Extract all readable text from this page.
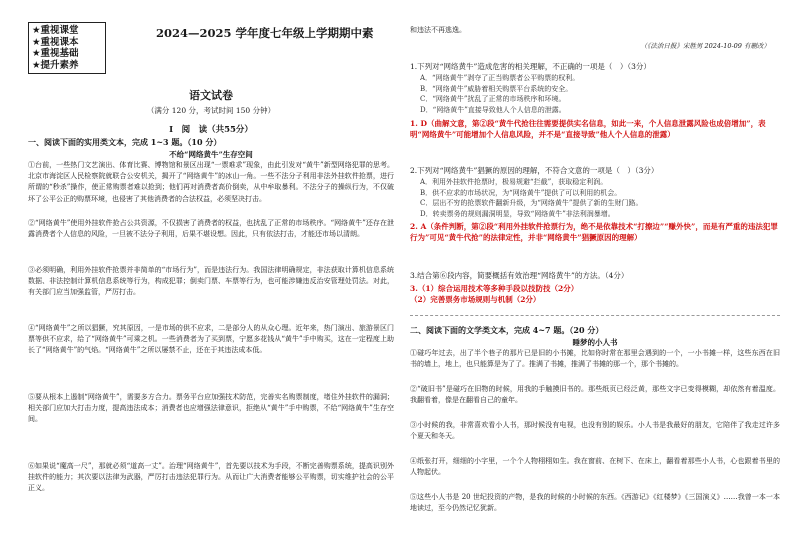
★重视课堂
★重视课本
★重视基础
★提升素养
2024—2025 学年度七年级上学期期中素
语文试卷
（满分 120 分，考试时间 150 分钟）
I　阅　读（共55分）
一、阅读下面的实用类文本，完成 1~3 题。（10 分）
不给“网络黄牛”生存空间

①台前，一些热门文艺演出、体育比赛、博物馆和景区出现“一票难求”现象，由此引发对“黄牛”新型网络犯罪的思考。北京市海淀区人民检察院就联合公安机关，揭开了“网络黄牛”的冰山一角。一些不法分子利用非法外挂软件抢票，进行所谓的“秒杀”操作，使正常购票者难以抢到；他们再对消费者高价倒卖，从中牟取暴利。不法分子的操纵行为，不仅破坏了公平公正的购票环境，也侵害了其他消费者的合法权益，必须坚决打击。

②“网络黄牛”使用外挂软件抢占公共资源，不仅损害了消费者的权益，也扰乱了正常的市场秩序。“网络黄牛”还存在泄露消费者个人信息的风险，一旦被不法分子利用，后果不堪设想。因此，只有依法打击，才能还市场以清朗。

③必须明确，利用外挂软件抢票并非简单的“市场行为”，而是违法行为。我国法律明确规定，非法获取计算机信息系统数据、非法控制计算机信息系统等行为，构成犯罪；倒卖门票、车票等行为，也可能涉嫌违反治安管理处罚法。对此，有关部门应当加强监管，严厉打击。

④“网络黄牛”之所以猖獗，究其原因，一是市场的供不应求，二是部分人的从众心理。近年来，热门演出、旅游景区门票等供不应求，给了“网络黄牛”可乘之机。一些消费者为了买到票，宁愿多花钱从“黄牛”手中购买，这在一定程度上助长了“网络黄牛”的气焰。“网络黄牛”之所以屡禁不止，还在于其违法成本低。

⑤要从根本上遏制“网络黄牛”，需要多方合力。票务平台应加强技术防范，完善实名购票制度，堵住外挂软件的漏洞；相关部门应加大打击力度，提高违法成本；消费者也应增强法律意识，拒绝从“黄牛”手中购票，不给“网络黄牛”生存空间。

⑥如果说“魔高一尺”，那就必须“道高一丈”。治理“网络黄牛”，首先要以技术为手段，不断完善购票系统，提高识别外挂软件的能力；其次要以法律为武器，严厉打击违法犯罪行为。从而让广大消费者能够公平购票，切实维护社会的公平正义。

和违法不再逃逸。
（《法治日报》宋胜男 2024-10-09 有删改）
1.下列对“网络黄牛”造成危害的相关理解，不正确的一项是（　）（3分）
A．“网络黄牛”剥夺了正当购票者公平购票的权利。
B．“网络黄牛”威胁着相关购票平台系统的安全。
C．“网络黄牛”扰乱了正常的市场秩序和环境。
D．“网络黄牛”直接导致他人个人信息的泄露。
1. D（曲解文意，第②段“黄牛代抢往往需要提供实名信息，如此一来，个人信息泄露风险也成倍增加”，表明“网络黄牛”可能增加个人信息风险，并不是“直接导致”他人个人信息的泄露）
2.下列对“网络黄牛”猖獗的原因的理解，不符合文意的一项是（　）（3分）
A．利用外挂软件抢票时，极易规避“拦截”，获取稳定利润。
B．供不应求的市场状况，为“网络黄牛”提供了可以利用的机会。
C．层出不穷的抢票软件翻新升级，为“网络黄牛”提供了新的生财门路。
D．转卖票务的规则漏洞明显，导致“网络黄牛”非法利润暴增。
2. A（条件判断，第②段“利用外挂软件抢票行为，绝不是依靠技术“打擦边”“赚外快”，而是有严重的违法犯罪行为”可见“黄牛代抢”的法律定性，并非“网络黄牛”猖獗原因的理解）
3.结合第⑥段内容，简要概括有效治理“网络黄牛”的方法。（4分）
3.（1）综合运用技术等多种手段以技防技（2分）
（2）完善票务市场规则与机制（2分）
二、阅读下面的文学类文本，完成 4~7 题。（20 分）
睡梦的小人书

①碰巧年过去，出了半个巷子的那片已是旧的小书摊，比如你时常在那里会遇到的一个，一小书摊一样，这些东西在旧书的墙上，地上，也只能算是为了了。推满了书摊，推满了书摊的那一个，那个书摊的。

②“破旧书”是碰巧在旧物的时候，用我的手触摸旧书的。那些纸页已经泛黄，那些文字已变得模糊，却依然有着温度。我翻看着，像是在翻看自己的童年。

③小时候的我，非常喜欢看小人书，那时候没有电视，也没有别的娱乐。小人书是我最好的朋友，它陪伴了我走过许多个夏天和冬天。

④纸张打开，细细的小字里，一个个人物栩栩如生。我在窗前、在树下、在床上，翻看着那些小人书，心也跟着书里的人物起伏。

⑤这些小人书是 20 世纪投资的产物，是我的时候的小时候的东西。《西游记》《红楼梦》《三国演义》……我曾一本一本地读过，至今仍然记忆犹新。
